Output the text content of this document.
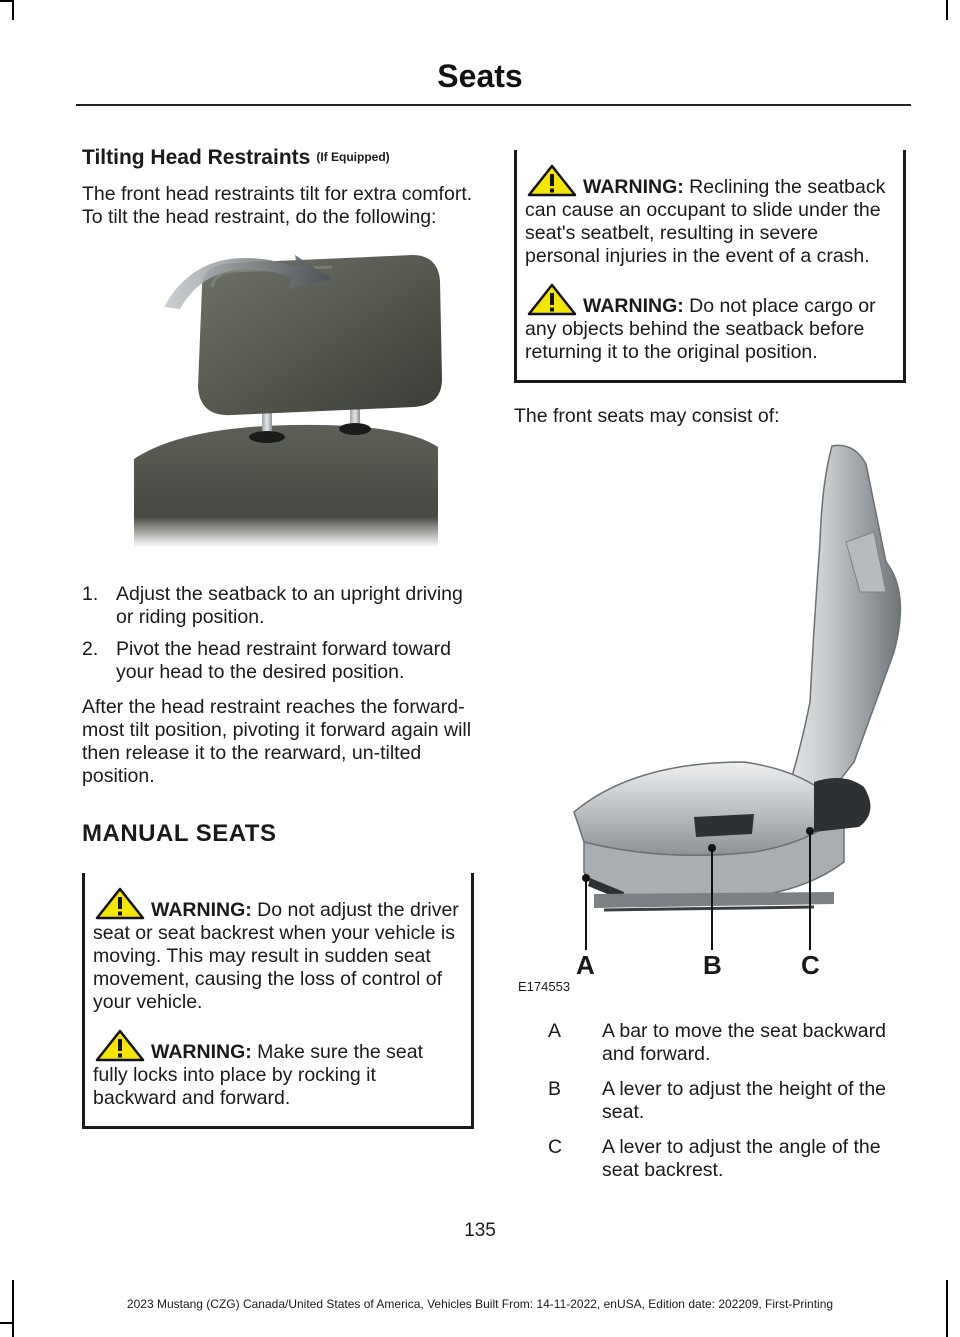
Seats
Tilting Head Restraints (If Equipped)

The front head restraints tilt for extra comfort. To tilt the head restraint, do the following:

1. Adjust the seatback to an upright driving or riding position.
2. Pivot the head restraint forward toward your head to the desired position.

After the head restraint reaches the forward-most tilt position, pivoting it forward again will then release it to the rearward, un-tilted position.

MANUAL SEATS
WARNING: Do not adjust the driver seat or seat backrest when your vehicle is moving. This may result in sudden seat movement, causing the loss of control of your vehicle.
WARNING: Make sure the seat fully locks into place by rocking it backward and forward.
WARNING: Reclining the seatback can cause an occupant to slide under the seat's seatbelt, resulting in severe personal injuries in the event of a crash.
WARNING: Do not place cargo or any objects behind the seatback before returning it to the original position.

The front seats may consist of:

A	B	C
E174553
A A bar to move the seat backward and forward.
B A lever to adjust the height of the seat.
C A lever to adjust the angle of the seat backrest.
135
2023 Mustang (CZG) Canada/United States of America, Vehicles Built From: 14-11-2022, enUSA, Edition date: 202209, First-Printing
